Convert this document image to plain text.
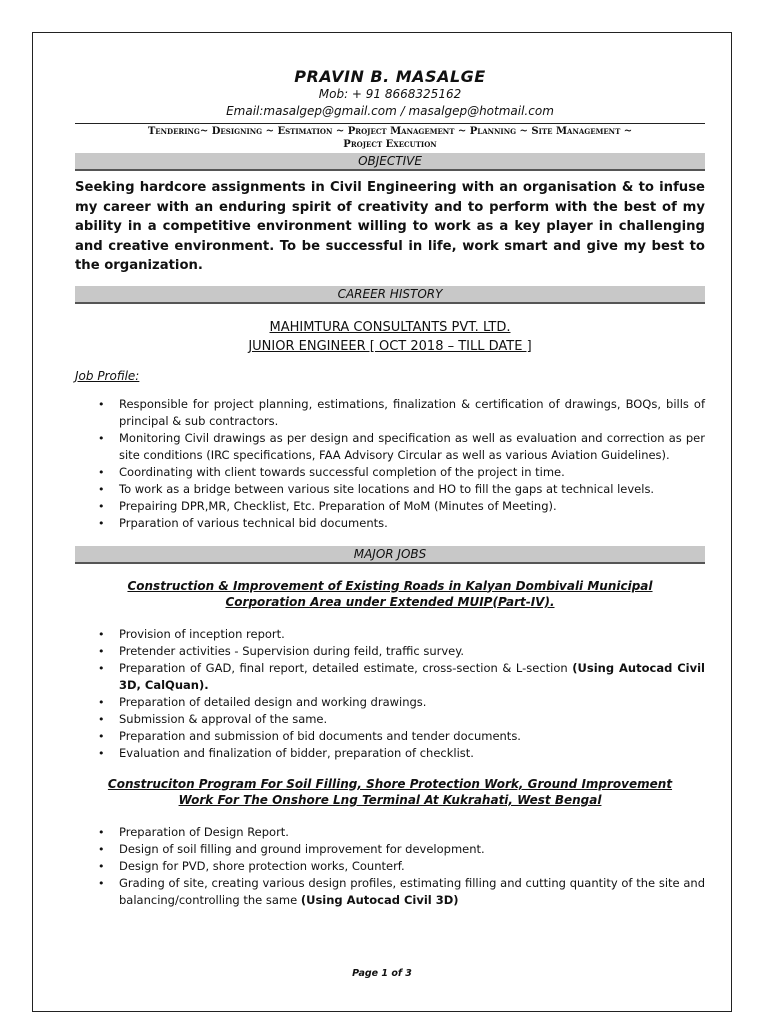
PRAVIN B. MASALGE
Mob: + 91 8668325162
Email:masalgep@gmail.com / masalgep@hotmail.com
Tendering~ Designing ~ Estimation ~ Project Management ~ Planning ~ Site Management ~
Project Execution
OBJECTIVE

Seeking hardcore assignments in Civil Engineering with an organisation & to infuse my career with an enduring spirit of creativity and to perform with the best of my ability in a competitive environment willing to work as a key player in challenging and creative environment. To be successful in life, work smart and give my best to the organization.

CAREER HISTORY
MAHIMTURA CONSULTANTS PVT. LTD.
JUNIOR ENGINEER [ OCT 2018 – TILL DATE ]
Job Profile:
• Responsible for project planning, estimations, finalization & certification of drawings, BOQs, bills of principal & sub contractors.
• Monitoring Civil drawings as per design and specification as well as evaluation and correction as per site conditions (IRC specifications, FAA Advisory Circular as well as various Aviation Guidelines).
• Coordinating with client towards successful completion of the project in time.
• To work as a bridge between various site locations and HO to fill the gaps at technical levels.
• Prepairing DPR,MR, Checklist, Etc. Preparation of MoM (Minutes of Meeting).
• Prparation of various technical bid documents.
MAJOR JOBS
Construction & Improvement of Existing Roads in Kalyan Dombivali Municipal
Corporation Area under Extended MUIP(Part-IV).
• Provision of inception report.
• Pretender activities - Supervision during feild, traffic survey.
• Preparation of GAD, final report, detailed estimate, cross-section & L-section (Using Autocad Civil 3D, CalQuan).
• Preparation of detailed design and working drawings.
• Submission & approval of the same.
• Preparation and submission of bid documents and tender documents.
• Evaluation and finalization of bidder, preparation of checklist.
Construciton Program For Soil Filling, Shore Protection Work, Ground Improvement
Work For The Onshore Lng Terminal At Kukrahati, West Bengal
• Preparation of Design Report.
• Design of soil filling and ground improvement for development.
• Design for PVD, shore protection works, Counterf.
• Grading of site, creating various design profiles, estimating filling and cutting quantity of the site and balancing/controlling the same (Using Autocad Civil 3D)
Page 1 of 3
